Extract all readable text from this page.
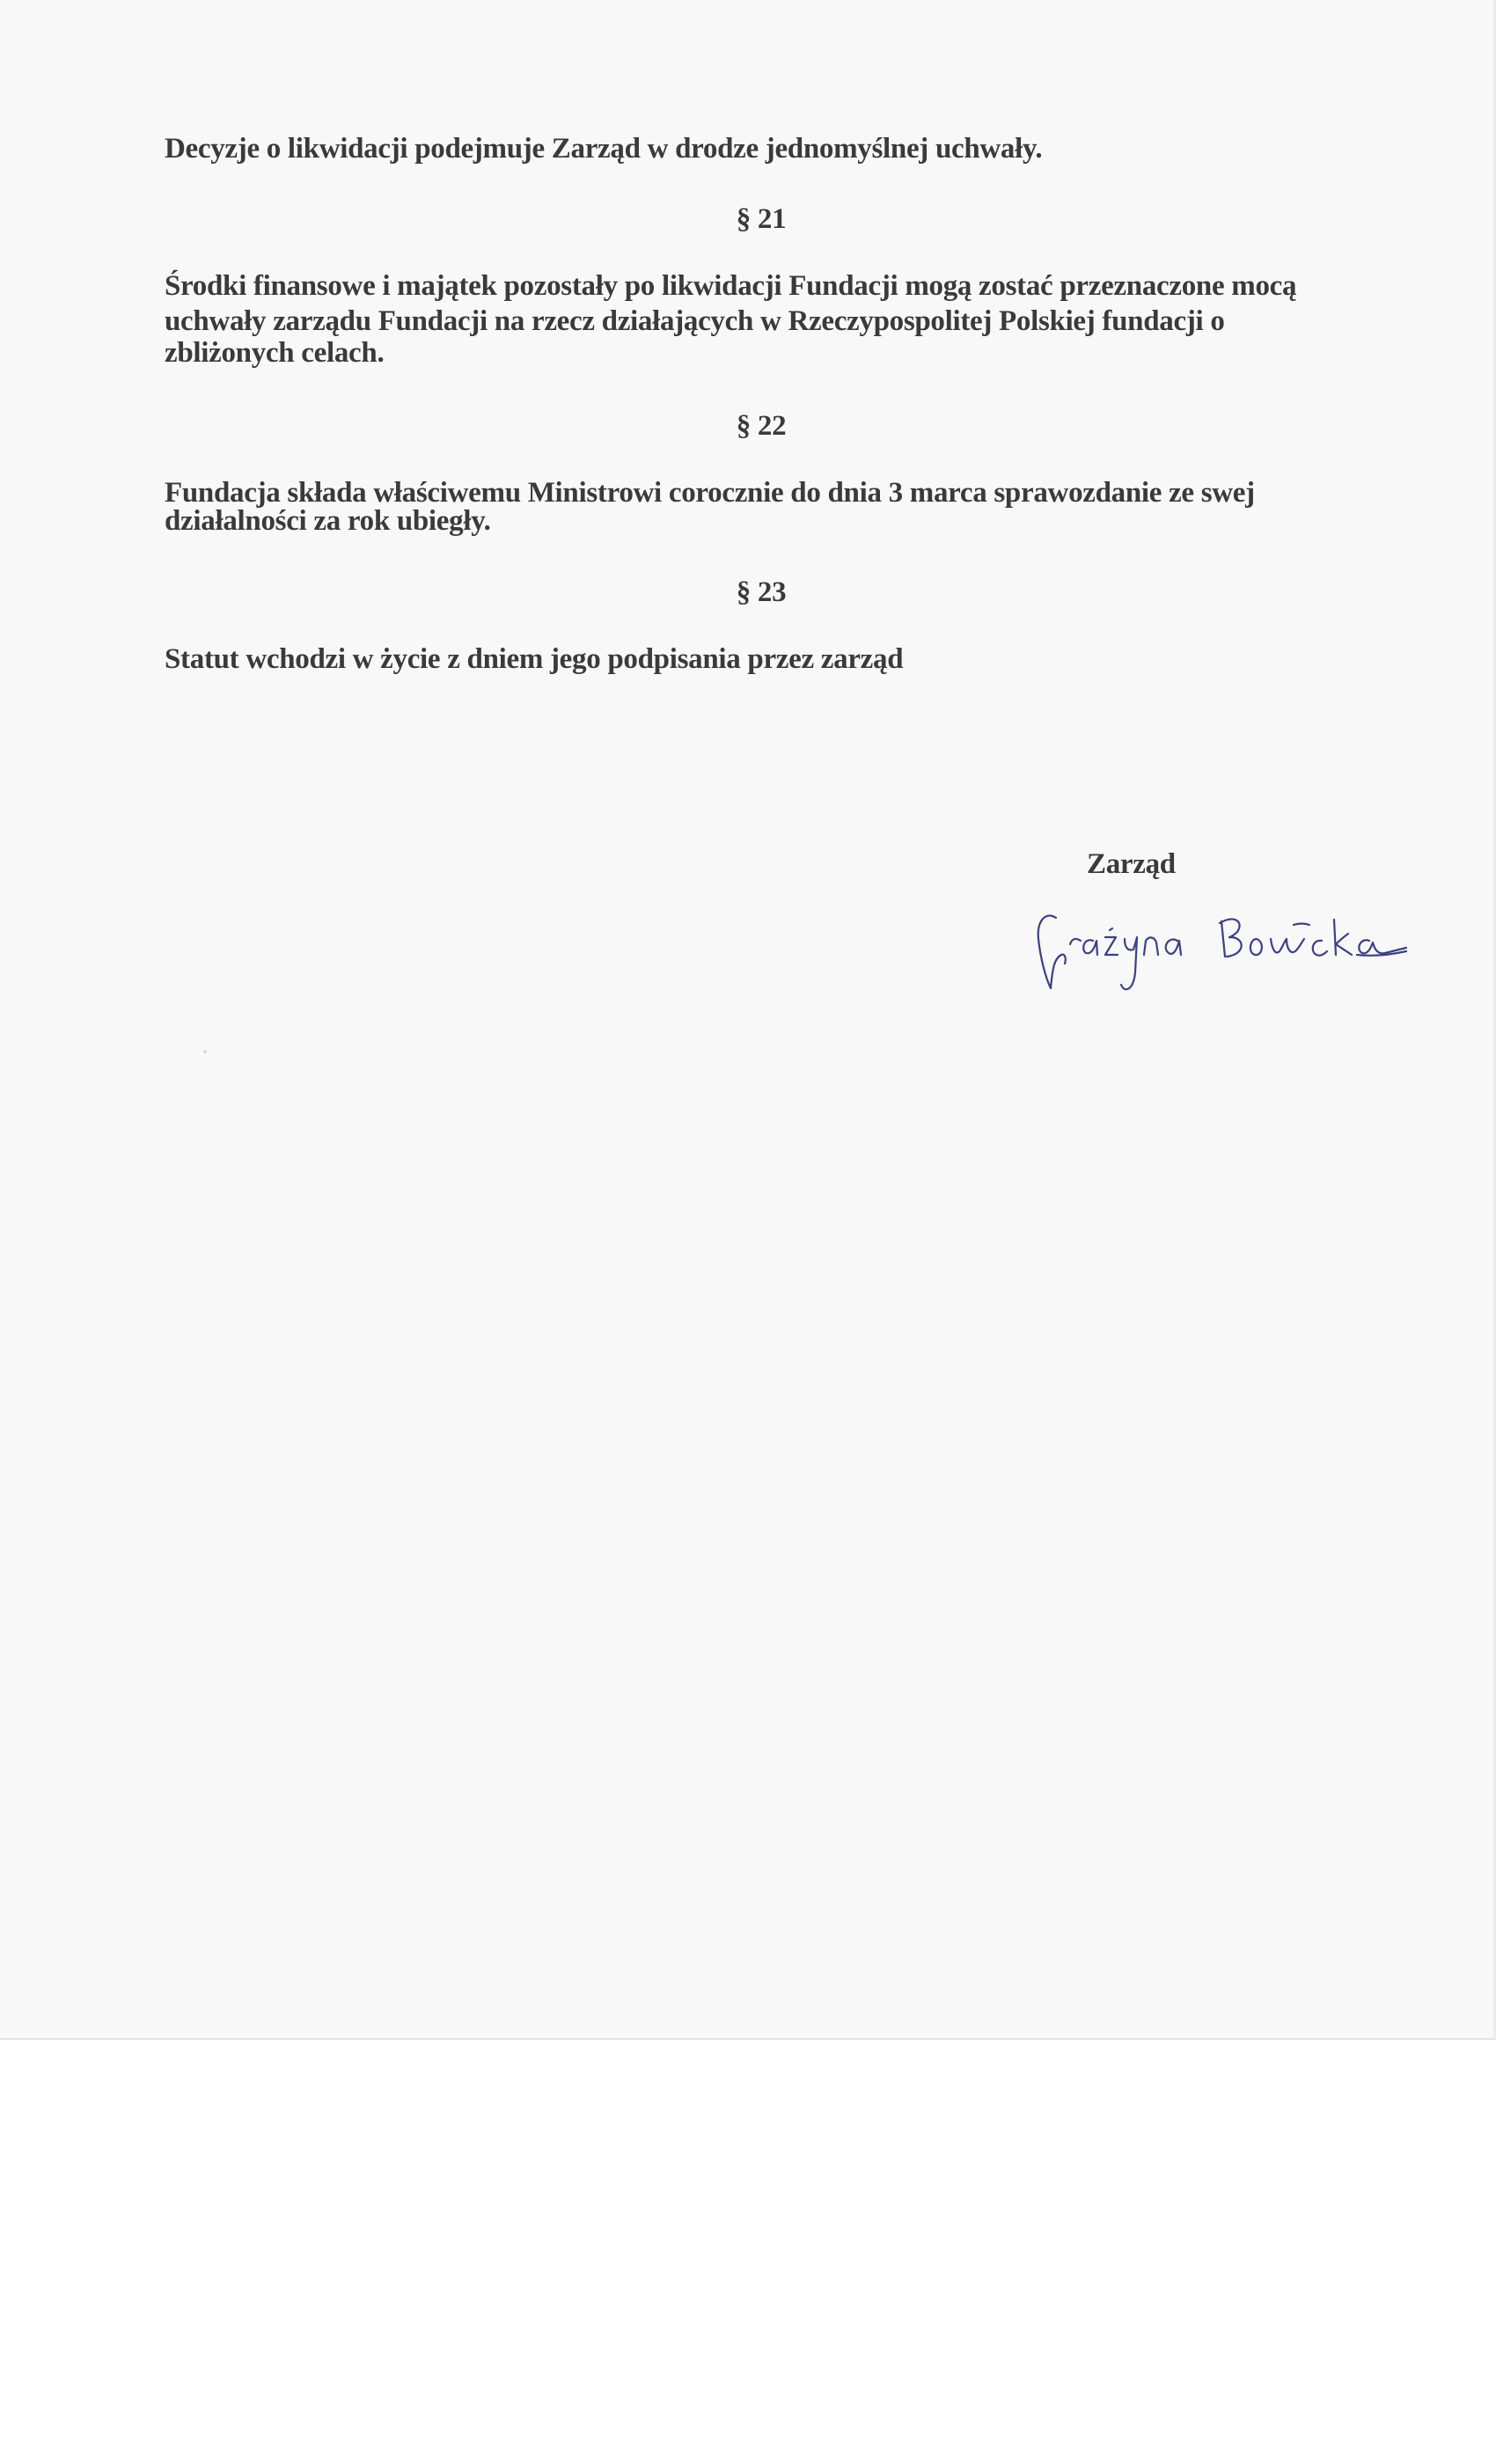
Decyzje o likwidacji podejmuje Zarząd w drodze jednomyślnej uchwały.

§ 21

Środki finansowe i majątek pozostały po likwidacji Fundacji mogą zostać przeznaczone mocą

uchwały zarządu Fundacji na rzecz działających w Rzeczypospolitej Polskiej fundacji o

zbliżonych celach.

§ 22

Fundacja składa właściwemu Ministrowi corocznie do dnia 3 marca sprawozdanie ze swej

działalności za rok ubiegły.

§ 23

Statut wchodzi w życie z dniem jego podpisania przez zarząd

Zarząd
